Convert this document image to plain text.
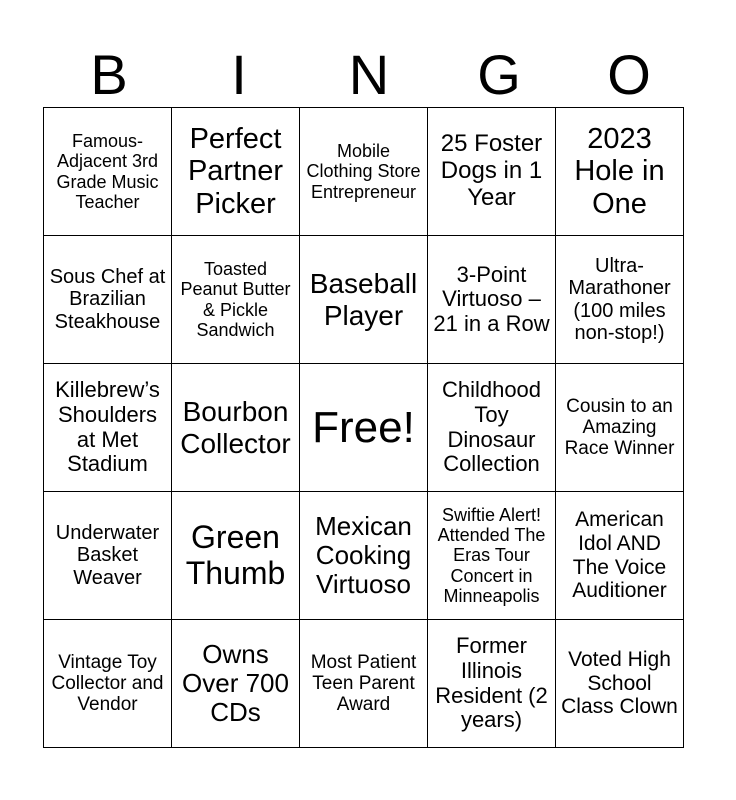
B	I	N	G	O
Famous-Adjacent 3rd Grade Music Teacher	Perfect Partner Picker	Mobile Clothing Store Entrepreneur	25 Foster Dogs in 1 Year	2023 Hole in One

Sous Chef at Brazilian Steakhouse	Toasted Peanut Butter & Pickle Sandwich	Baseball Player	3-Point Virtuoso – 21 in a Row	Ultra-Marathoner (100 miles non-stop!)

Killebrew’s Shoulders at Met Stadium	Bourbon Collector	Free!	Childhood Toy Dinosaur Collection	Cousin to an Amazing Race Winner

Underwater Basket Weaver	Green Thumb	Mexican Cooking Virtuoso	Swiftie Alert! Attended The Eras Tour Concert in Minneapolis	American Idol AND The Voice Auditioner

Vintage Toy Collector and Vendor	Owns Over 700 CDs	Most Patient Teen Parent Award	Former Illinois Resident (2 years)	Voted High School Class Clown
